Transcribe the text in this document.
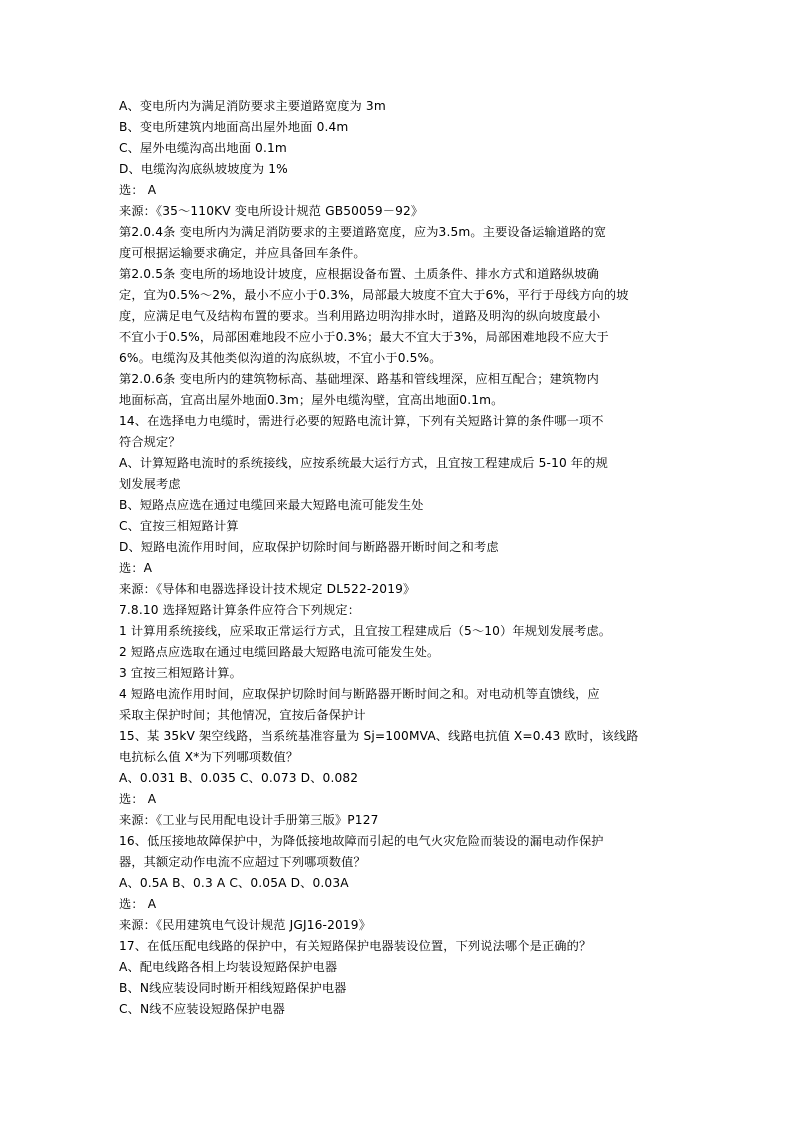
A、变电所内为满足消防要求主要道路宽度为 3m

B、变电所建筑内地面高出屋外地面 0.4m

C、屋外电缆沟高出地面 0.1m

D、电缆沟沟底纵坡坡度为 1%

选： A

来源：《35～110KV 变电所设计规范 GB50059－92》

第2.0.4条 变电所内为满足消防要求的主要道路宽度，应为3.5m。主要设备运输道路的宽

度可根据运输要求确定，并应具备回车条件。

第2.0.5条 变电所的场地设计坡度，应根据设备布置、土质条件、排水方式和道路纵坡确

定，宜为0.5%～2%，最小不应小于0.3%，局部最大坡度不宜大于6%，平行于母线方向的坡

度，应满足电气及结构布置的要求。当利用路边明沟排水时，道路及明沟的纵向坡度最小

不宜小于0.5%，局部困难地段不应小于0.3%；最大不宜大于3%，局部困难地段不应大于

6%。电缆沟及其他类似沟道的沟底纵坡，不宜小于0.5%。

第2.0.6条 变电所内的建筑物标高、基础埋深、路基和管线埋深，应相互配合；建筑物内

地面标高，宜高出屋外地面0.3m；屋外电缆沟壁，宜高出地面0.1m。

14、在选择电力电缆时，需进行必要的短路电流计算，下列有关短路计算的条件哪一项不

符合规定？

A、计算短路电流时的系统接线，应按系统最大运行方式，且宜按工程建成后 5-10 年的规

划发展考虑

B、短路点应选在通过电缆回来最大短路电流可能发生处

C、宜按三相短路计算

D、短路电流作用时间，应取保护切除时间与断路器开断时间之和考虑

选：A

来源：《导体和电器选择设计技术规定 DL522-2019》

7.8.10 选择短路计算条件应符合下列规定：

1 计算用系统接线，应采取正常运行方式，且宜按工程建成后（5～10）年规划发展考虑。

2 短路点应选取在通过电缆回路最大短路电流可能发生处。

3 宜按三相短路计算。

4 短路电流作用时间，应取保护切除时间与断路器开断时间之和。对电动机等直馈线，应

采取主保护时间；其他情况，宜按后备保护计

15、某 35kV 架空线路，当系统基准容量为 Sj=100MVA、线路电抗值 X=0.43 欧时，该线路

电抗标么值 X*为下列哪项数值？

A、0.031 B、0.035 C、0.073 D、0.082

选： A

来源：《工业与民用配电设计手册第三版》P127

16、低压接地故障保护中，为降低接地故障而引起的电气火灾危险而装设的漏电动作保护

器，其额定动作电流不应超过下列哪项数值？

A、0.5A B、0.3 A C、0.05A D、0.03A

选： A

来源：《民用建筑电气设计规范 JGJ16-2019》

17、在低压配电线路的保护中，有关短路保护电器装设位置，下列说法哪个是正确的？

A、配电线路各相上均装设短路保护电器

B、N线应装设同时断开相线短路保护电器

C、N线不应装设短路保护电器
